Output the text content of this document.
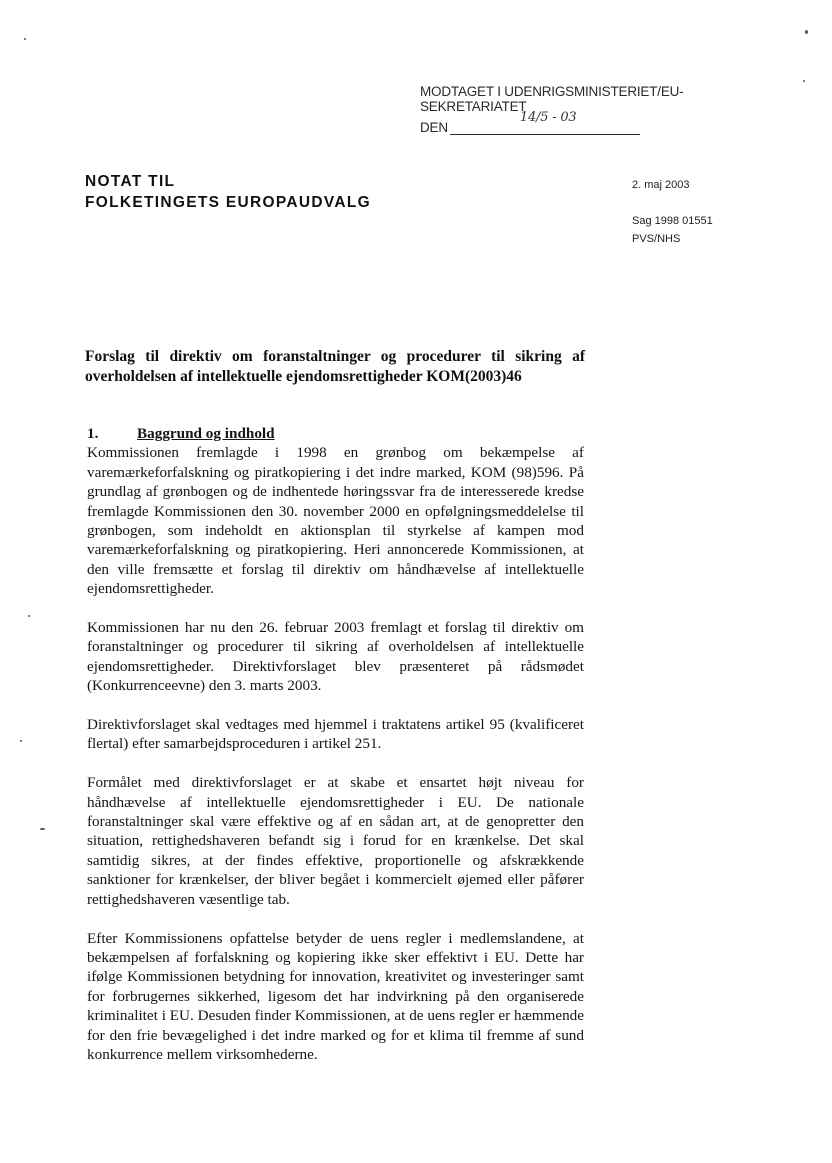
MODTAGET I UDENRIGSMINISTERIET/EU-SEKRETARIATET
DEN
14/5 - 03
NOTAT TIL
FOLKETINGETS EUROPAUDVALG
2. maj 2003
Sag 1998 01551
PVS/NHS
Forslag til direktiv om foranstaltninger og procedurer til sikring af overholdelsen af intellektuelle ejendomsrettigheder KOM(2003)46
1.	Baggrund og indhold

Kommissionen fremlagde i 1998 en grønbog om bekæmpelse af varemærkeforfalskning og piratkopiering i det indre marked, KOM (98)596. På grundlag af grønbogen og de indhentede høringssvar fra de interesserede kredse fremlagde Kommissionen den 30. november 2000 en opfølgningsmeddelelse til grønbogen, som indeholdt en aktionsplan til styrkelse af kampen mod varemærkeforfalskning og piratkopiering. Heri annoncerede Kommissionen, at den ville fremsætte et forslag til direktiv om håndhævelse af intellektuelle ejendomsrettigheder.

Kommissionen har nu den 26. februar 2003 fremlagt et forslag til direktiv om foranstaltninger og procedurer til sikring af overholdelsen af intellektuelle ejendomsrettigheder. Direktivforslaget blev præsenteret på rådsmødet (Konkurrenceevne) den 3. marts 2003.

Direktivforslaget skal vedtages med hjemmel i traktatens artikel 95 (kvalificeret flertal) efter samarbejdsproceduren i artikel 251.

Formålet med direktivforslaget er at skabe et ensartet højt niveau for håndhævelse af intellektuelle ejendomsrettigheder i EU. De nationale foranstaltninger skal være effektive og af en sådan art, at de genopretter den situation, rettighedshaveren befandt sig i forud for en krænkelse. Det skal samtidig sikres, at der findes effektive, proportionelle og afskrækkende sanktioner for krænkelser, der bliver begået i kommercielt øjemed eller påfører rettighedshaveren væsentlige tab.

Efter Kommissionens opfattelse betyder de uens regler i medlemslandene, at bekæmpelsen af forfalskning og kopiering ikke sker effektivt i EU. Dette har ifølge Kommissionen betydning for innovation, kreativitet og investeringer samt for forbrugernes sikkerhed, ligesom det har indvirkning på den organiserede kriminalitet i EU. Desuden finder Kommissionen, at de uens regler er hæmmende for den frie bevægelighed i det indre marked og for et klima til fremme af sund konkurrence mellem virksomhederne.
